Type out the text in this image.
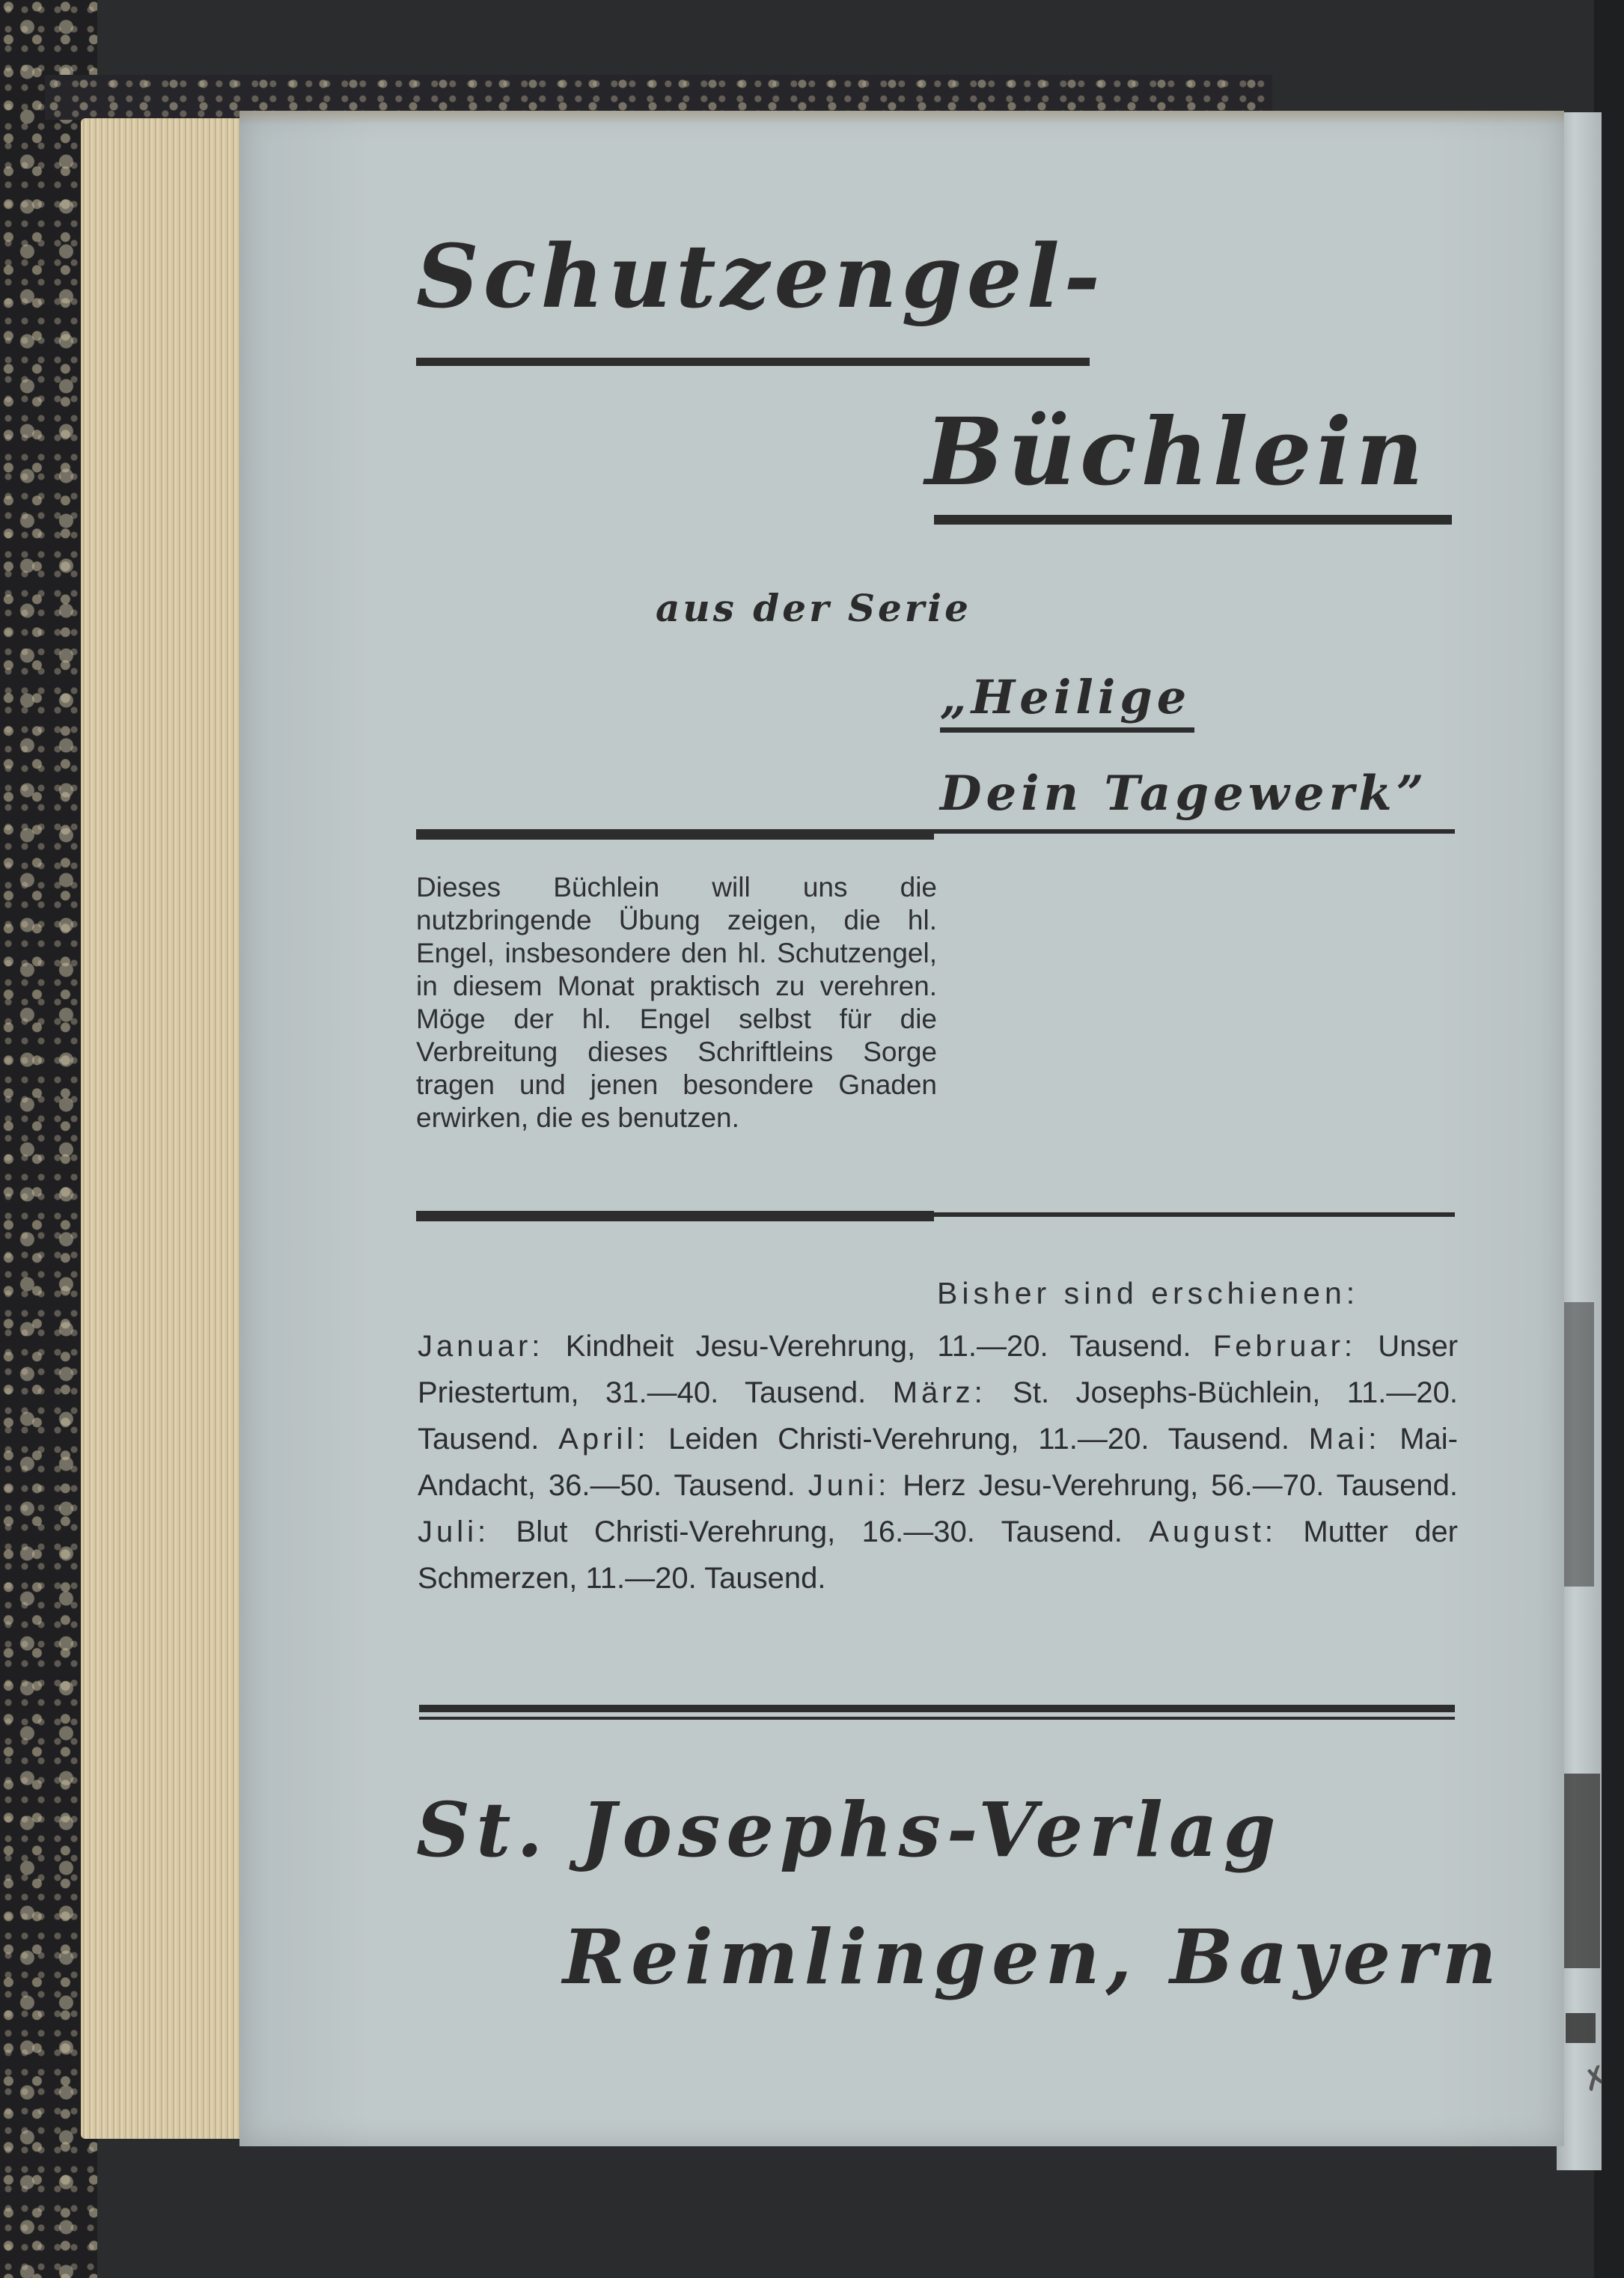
Schutzengel-
Büchlein
aus der Serie
„Heilige
Dein Tagewerk”
Dieses Büchlein will uns die nutzbringende Übung zeigen, die hl. Engel, insbesondere den hl. Schutzengel, in diesem Monat praktisch zu verehren. Möge der hl. Engel selbst für die Verbreitung dieses Schriftleins Sorge tragen und jenen besondere Gnaden erwirken, die es benutzen.
Bisher sind erschienen:
Januar: Kindheit Jesu-Verehrung, 11.—20. Tausend. Februar: Unser Priestertum, 31.—40. Tausend. März: St. Josephs-Büchlein, 11.—20. Tausend. April: Leiden Christi-Verehrung, 11.—20. Tausend. Mai: Mai-Andacht, 36.—50. Tausend. Juni: Herz Jesu-Verehrung, 56.—70. Tausend. Juli: Blut Christi-Verehrung, 16.—30. Tausend. August: Mutter der Schmerzen, 11.—20. Tausend.
St. Josephs-Verlag
Reimlingen, Bayern
✗
